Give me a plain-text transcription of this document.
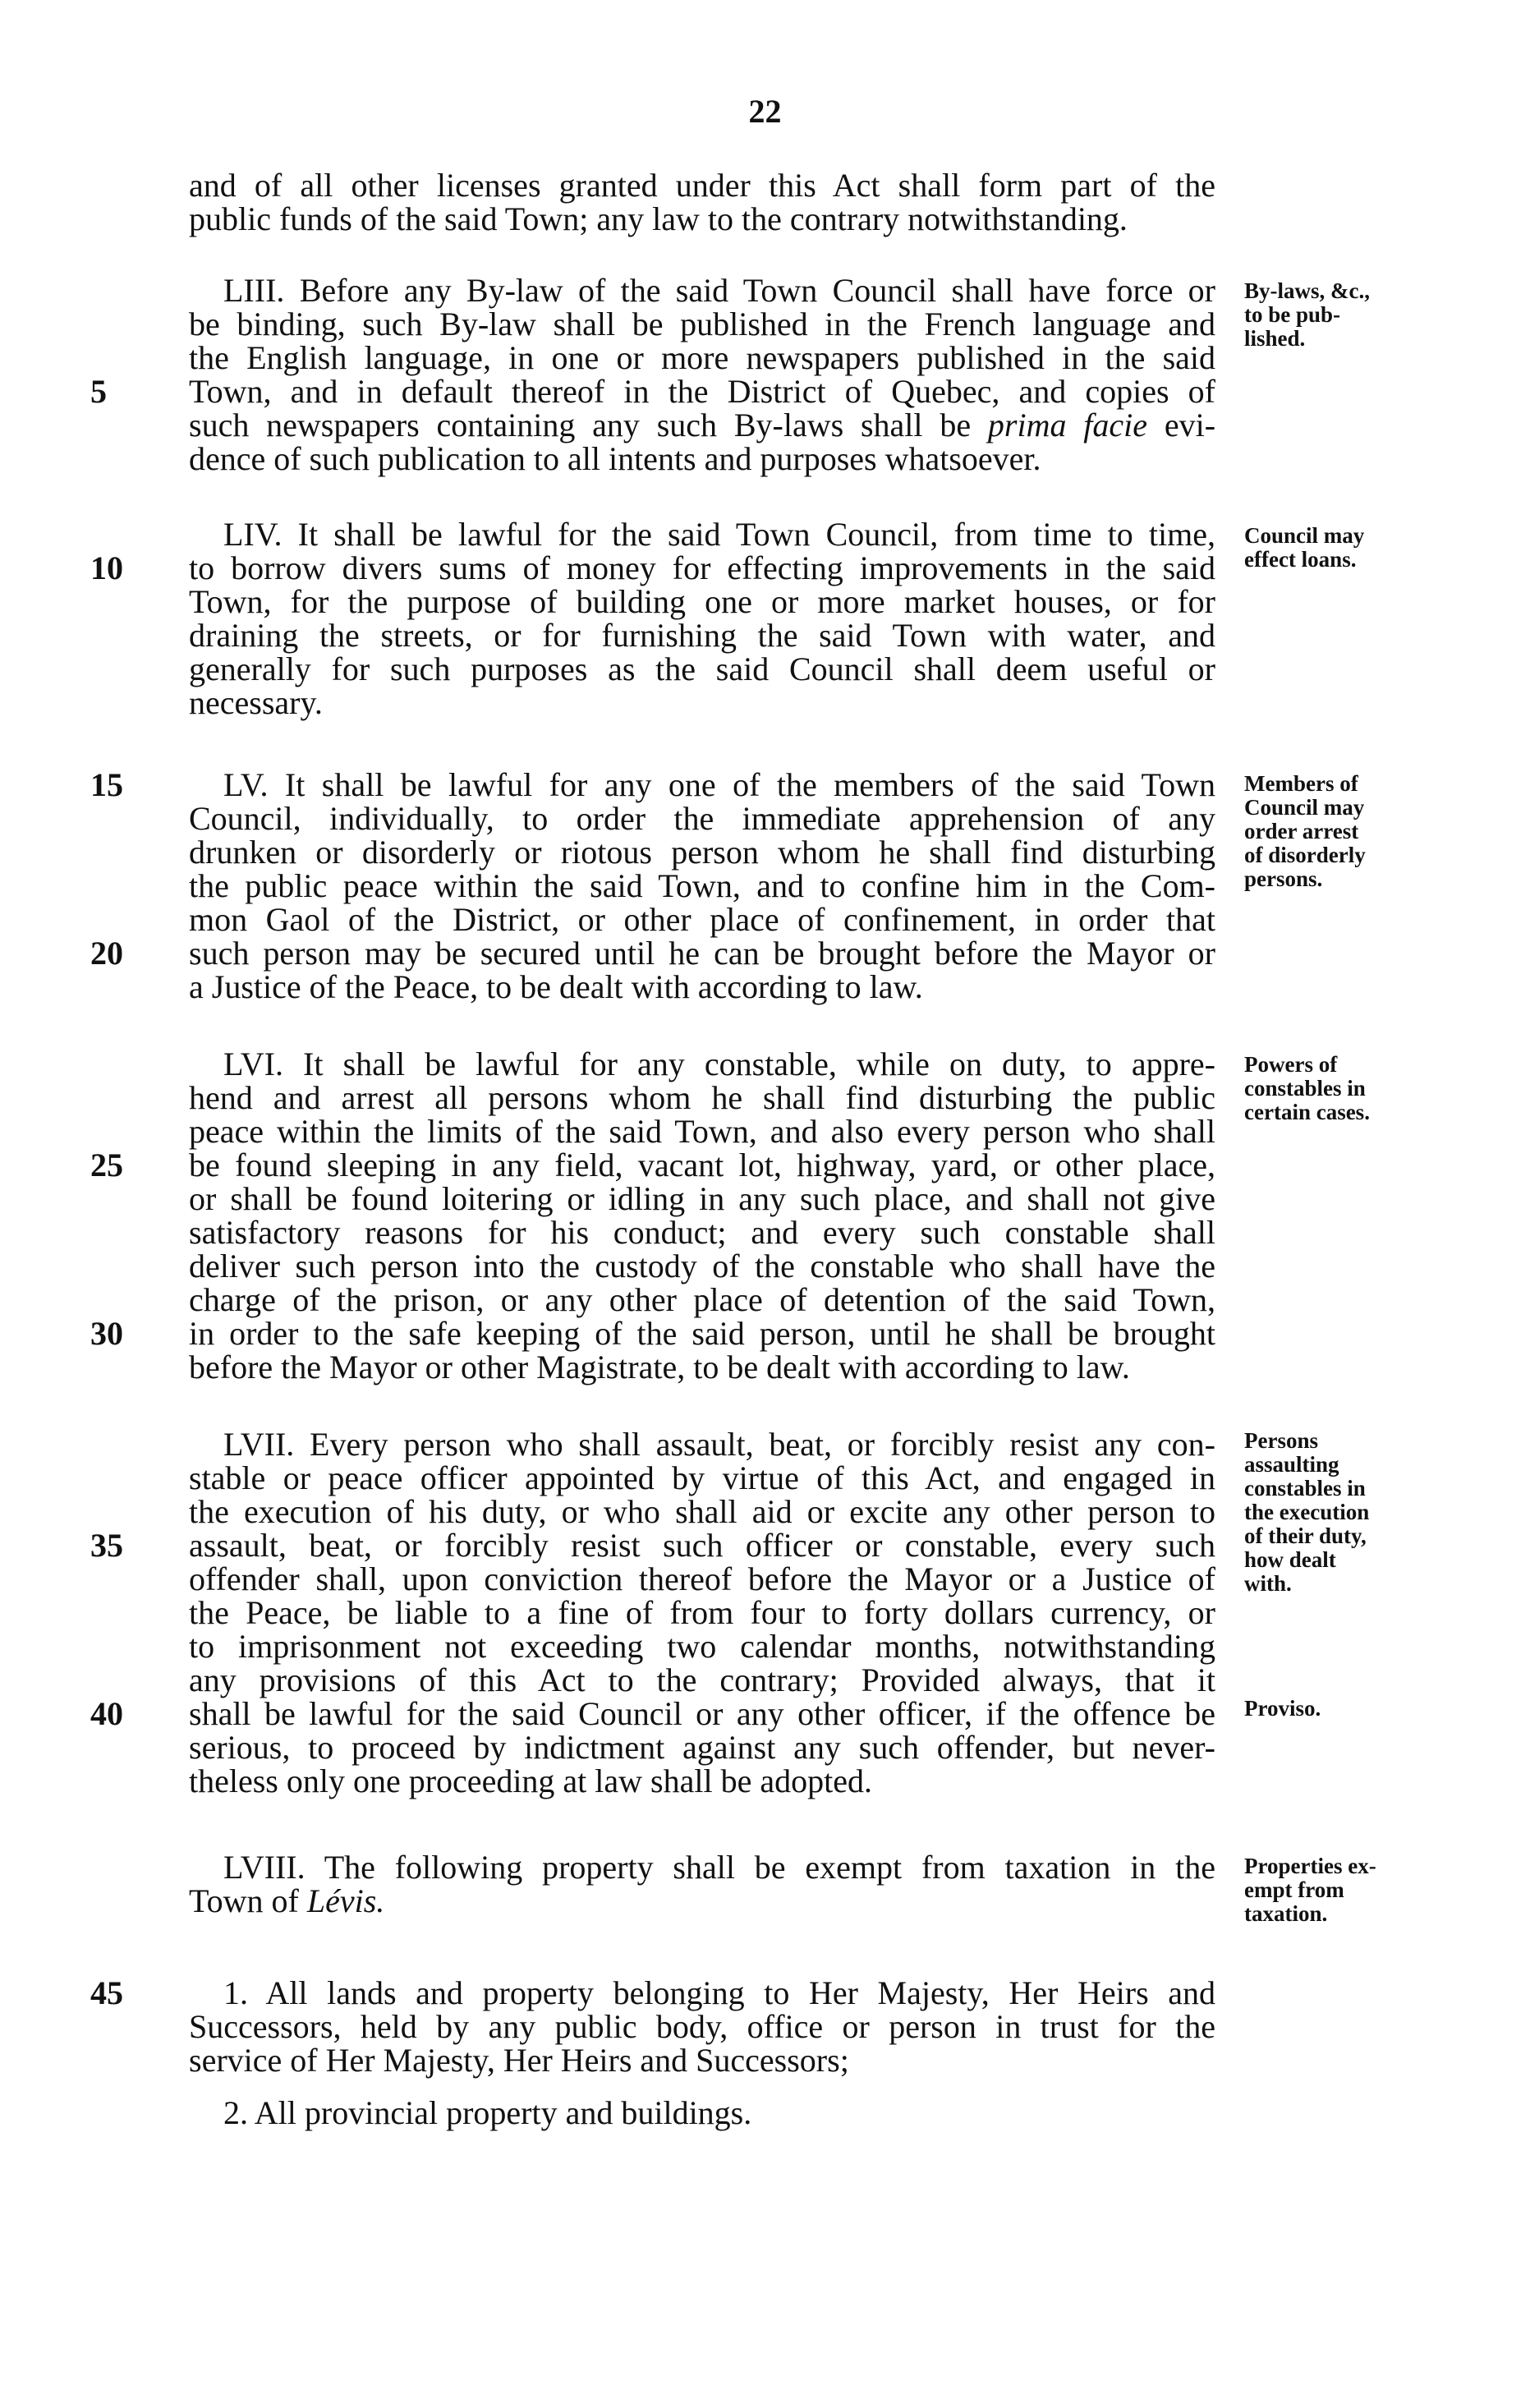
22
and of all other licenses granted under this Act shall form part of the
public funds of the said Town; any law to the contrary notwithstanding.
LIII. Before any By-law of the said Town Council shall have force or
be binding, such By-law shall be published in the French language and
the English language, in one or more newspapers published in the said
Town, and in default thereof in the District of Quebec, and copies of
such newspapers containing any such By-laws shall be prima facie evi-
dence of such publication to all intents and purposes whatsoever.
By-laws, &c.,
to be pub-
lished.
LIV. It shall be lawful for the said Town Council, from time to time,
to borrow divers sums of money for effecting improvements in the said
Town, for the purpose of building one or more market houses, or for
draining the streets, or for furnishing the said Town with water, and
generally for such purposes as the said Council shall deem useful or
necessary.
Council may
effect loans.
LV. It shall be lawful for any one of the members of the said Town
Council, individually, to order the immediate apprehension of any
drunken or disorderly or riotous person whom he shall find disturbing
the public peace within the said Town, and to confine him in the Com-
mon Gaol of the District, or other place of confinement, in order that
such person may be secured until he can be brought before the Mayor or
a Justice of the Peace, to be dealt with according to law.
Members of
Council may
order arrest
of disorderly
persons.
LVI. It shall be lawful for any constable, while on duty, to appre-
hend and arrest all persons whom he shall find disturbing the public
peace within the limits of the said Town, and also every person who shall
be found sleeping in any field, vacant lot, highway, yard, or other place,
or shall be found loitering or idling in any such place, and shall not give
satisfactory reasons for his conduct; and every such constable shall
deliver such person into the custody of the constable who shall have the
charge of the prison, or any other place of detention of the said Town,
in order to the safe keeping of the said person, until he shall be brought
before the Mayor or other Magistrate, to be dealt with according to law.
Powers of
constables in
certain cases.
LVII. Every person who shall assault, beat, or forcibly resist any con-
stable or peace officer appointed by virtue of this Act, and engaged in
the execution of his duty, or who shall aid or excite any other person to
assault, beat, or forcibly resist such officer or constable, every such
offender shall, upon conviction thereof before the Mayor or a Justice of
the Peace, be liable to a fine of from four to forty dollars currency, or
to imprisonment not exceeding two calendar months, notwithstanding
any provisions of this Act to the contrary; Provided always, that it
shall be lawful for the said Council or any other officer, if the offence be
serious, to proceed by indictment against any such offender, but never-
theless only one proceeding at law shall be adopted.
Persons
assaulting
constables in
the execution
of their duty,
how dealt
with.
Proviso.
LVIII. The following property shall be exempt from taxation in the
Town of Lévis.
Properties ex-
empt from
taxation.
1. All lands and property belonging to Her Majesty, Her Heirs and
Successors, held by any public body, office or person in trust for the
service of Her Majesty, Her Heirs and Successors;
2. All provincial property and buildings.
5
10
15
20
25
30
35
40
45
